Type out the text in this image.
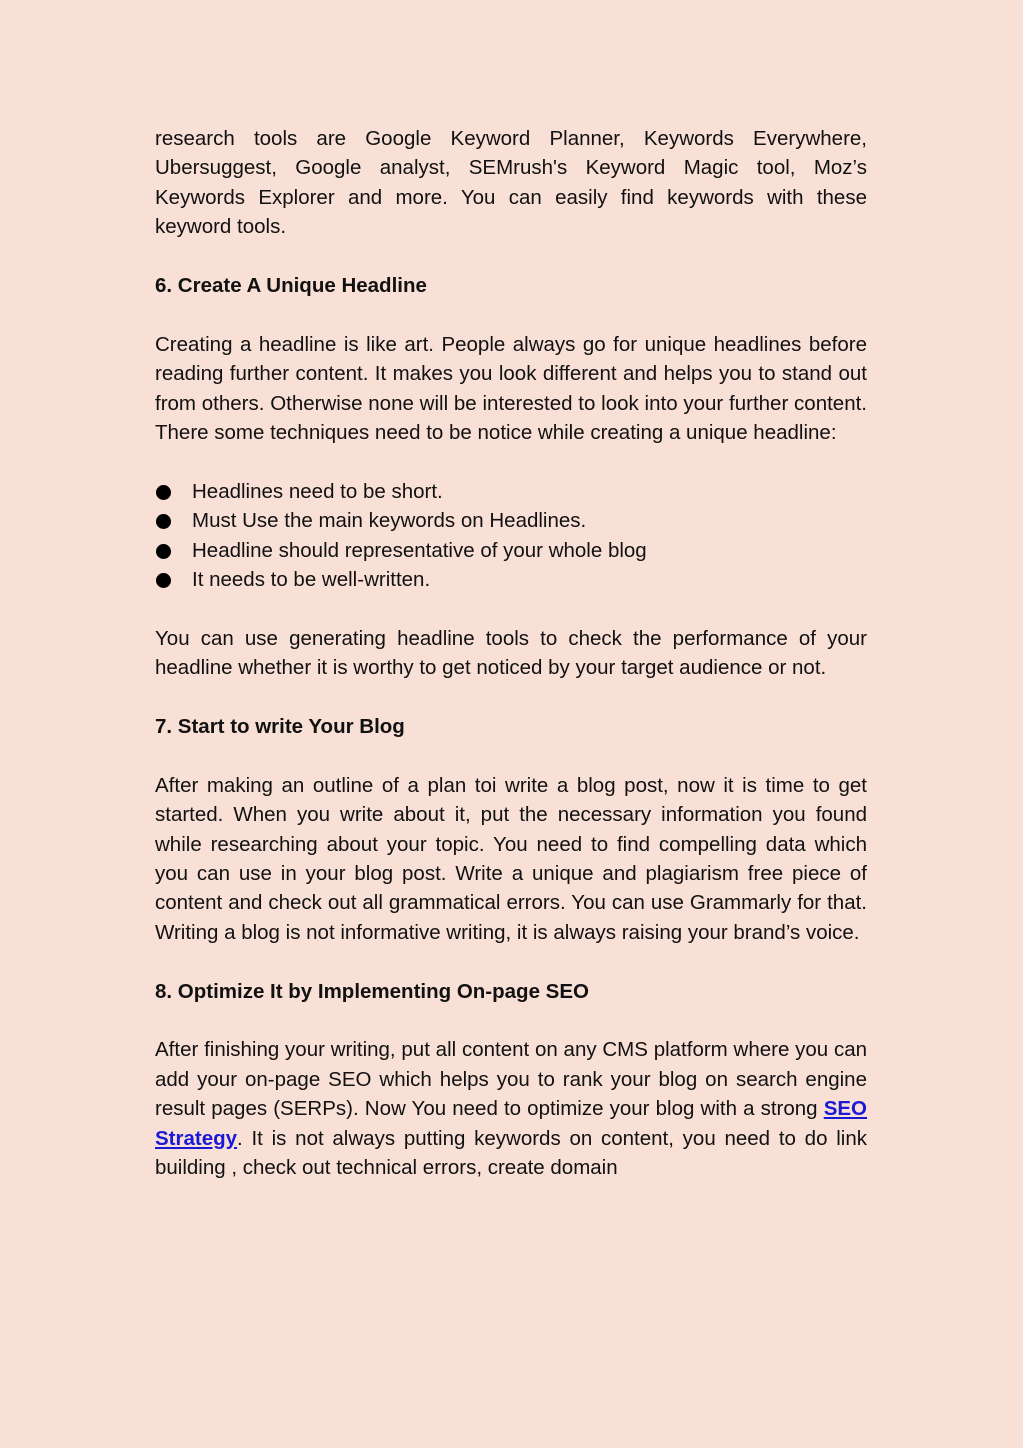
research tools are Google Keyword Planner, Keywords Everywhere, Ubersuggest, Google analyst, SEMrush's Keyword Magic tool, Moz’s Keywords Explorer and more. You can easily find keywords with these keyword tools.

6. Create A Unique Headline

Creating a headline is like art. People always go for unique headlines before reading further content. It makes you look different and helps you to stand out from others. Otherwise none will be interested to look into your further content. There some techniques need to be notice while creating a unique headline:

Headlines need to be short.
Must Use the main keywords on Headlines.
Headline should representative of your whole blog
It needs to be well-written.

You can use generating headline tools to check the performance of your headline whether it is worthy to get noticed by your target audience or not.

7. Start to write Your Blog

After making an outline of a plan toi write a blog post, now it is time to get started. When you write about it, put the necessary information you found while researching about your topic. You need to find compelling data which you can use in your blog post. Write a unique and plagiarism free piece of content and check out all grammatical errors. You can use Grammarly for that. Writing a blog is not informative writing, it is always raising your brand’s voice.

8. Optimize It by Implementing On-page SEO

After finishing your writing, put all content on any CMS platform where you can add your on-page SEO which helps you to rank your blog on search engine result pages (SERPs). Now You need to optimize your blog with a strong SEO Strategy. It is not always putting keywords on content, you need to do link building , check out technical errors, create domain
